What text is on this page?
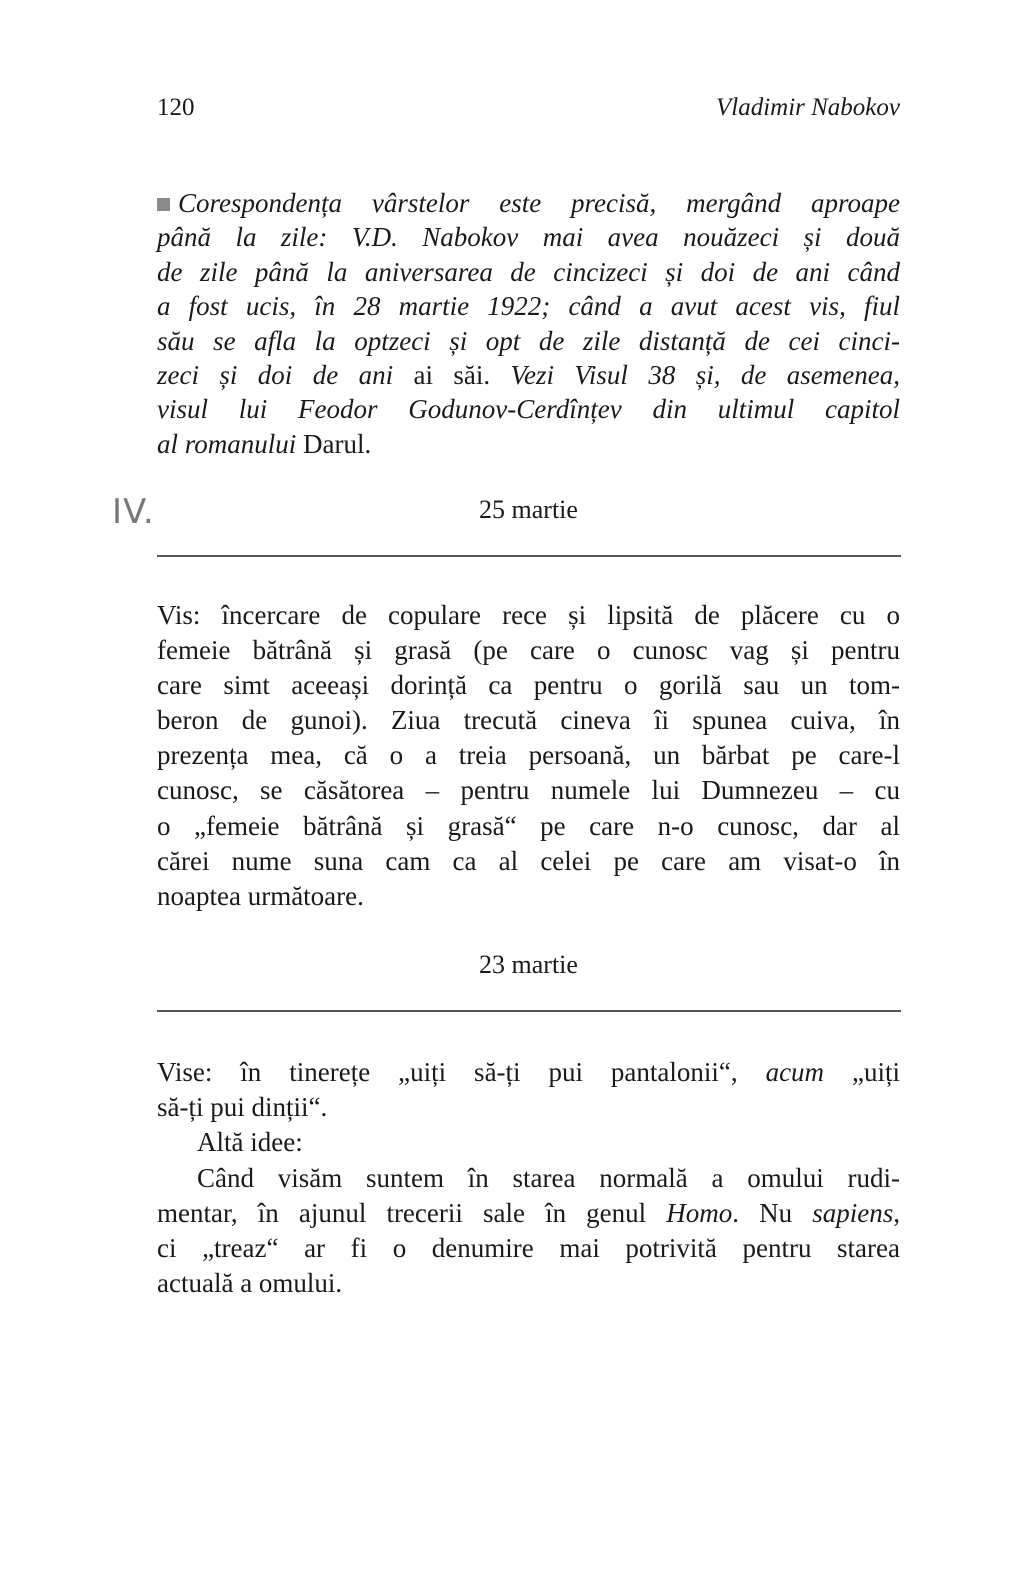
120	Vladimir Nabokov
Corespondența vârstelor este precisă, mergând aproape
până la zile: V.D. Nabokov mai avea nouăzeci și două
de zile până la aniversarea de cincizeci și doi de ani când
a fost ucis, în 28 martie 1922; când a avut acest vis, fiul
său se afla la optzeci și opt de zile distanță de cei cinci-
zeci și doi de ani ai săi. Vezi Visul 38 și, de asemenea,
visul lui Feodor Godunov-Cerdînțev din ultimul capitol
al romanului Darul.
IV.	25 martie
Vis: încercare de copulare rece și lipsită de plăcere cu o
femeie bătrână și grasă (pe care o cunosc vag și pentru
care simt aceeași dorință ca pentru o gorilă sau un tom-
beron de gunoi). Ziua trecută cineva îi spunea cuiva, în
prezența mea, că o a treia persoană, un bărbat pe care-l
cunosc, se căsătorea – pentru numele lui Dumnezeu – cu
o „femeie bătrână și grasă“ pe care n-o cunosc, dar al
cărei nume suna cam ca al celei pe care am visat-o în
noaptea următoare.
23 martie
Vise: în tinerețe „uiți să-ți pui pantalonii“, acum „uiți
să-ți pui dinții“.
Altă idee:
Când visăm suntem în starea normală a omului rudi-
mentar, în ajunul trecerii sale în genul Homo. Nu sapiens,
ci „treaz“ ar fi o denumire mai potrivită pentru starea
actuală a omului.
